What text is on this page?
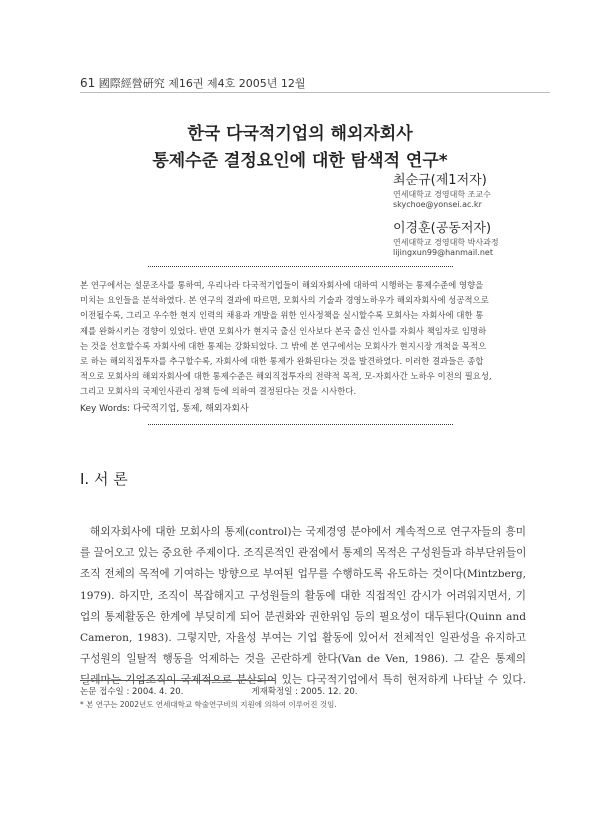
61 國際經營硏究 제16권 제4호 2005년 12월
한국 다국적기업의 해외자회사
통제수준 결정요인에 대한 탐색적 연구*
최순규(제1저자)
연세대학교 경영대학 조교수
skychoe@yonsei.ac.kr
이경훈(공동저자)
연세대학교 경영대학 박사과정
lijingxun99@hanmail.net
본 연구에서는 설문조사를 통하여, 우리나라 다국적기업들이 해외자회사에 대하여 시행하는 통제수준에 영향을
미치는 요인들을 분석하였다. 본 연구의 결과에 따르면, 모회사의 기술과 경영노하우가 해외자회사에 성공적으로
이전될수록, 그리고 우수한 현지 인력의 채용과 개발을 위한 인사정책을 실시할수록 모회사는 자회사에 대한 통
제를 완화시키는 경향이 있었다. 반면 모회사가 현지국 출신 인사보다 본국 출신 인사를 자회사 책임자로 임명하
는 것을 선호할수록 자회사에 대한 통제는 강화되었다. 그 밖에 본 연구에서는 모회사가 현지시장 개척을 목적으
로 하는 해외직접투자를 추구할수록, 자회사에 대한 통제가 완화된다는 것을 발견하였다. 이러한 결과들은 종합
적으로 모회사의 해외자회사에 대한 통제수준은 해외직접투자의 전략적 목적, 모-자회사간 노하우 이전의 필요성,
그리고 모회사의 국제인사관리 정책 등에 의하여 결정된다는 것을 시사한다.
Key Words: 다국적기업, 통제, 해외자회사
Ⅰ. 서 론
해외자회사에 대한 모회사의 통제(control)는 국제경영 분야에서 계속적으로 연구자들의 흥미
를 끌어오고 있는 중요한 주제이다. 조직론적인 관점에서 통제의 목적은 구성원들과 하부단위들이
조직 전체의 목적에 기여하는 방향으로 부여된 업무를 수행하도록 유도하는 것이다(Mintzberg,
1979). 하지만, 조직이 복잡해지고 구성원들의 활동에 대한 직접적인 감시가 어려워지면서, 기
업의 통제활동은 한계에 부딪히게 되어 분권화와 권한위임 등의 필요성이 대두된다(Quinn and
Cameron, 1983). 그렇지만, 자율성 부여는 기업 활동에 있어서 전체적인 일관성을 유지하고
구성원의 일탈적 행동을 억제하는 것을 곤란하게 한다(Van de Ven, 1986). 그 같은 통제의
딜레마는 기업조직이 국제적으로 분산되어 있는 다국적기업에서 특히 현저하게 나타날 수 있다.
논문 접수일 : 2004. 4. 20.	게재확정일 : 2005. 12. 20.
* 본 연구는 2002년도 연세대학교 학술연구비의 지원에 의하여 이루어진 것임.
